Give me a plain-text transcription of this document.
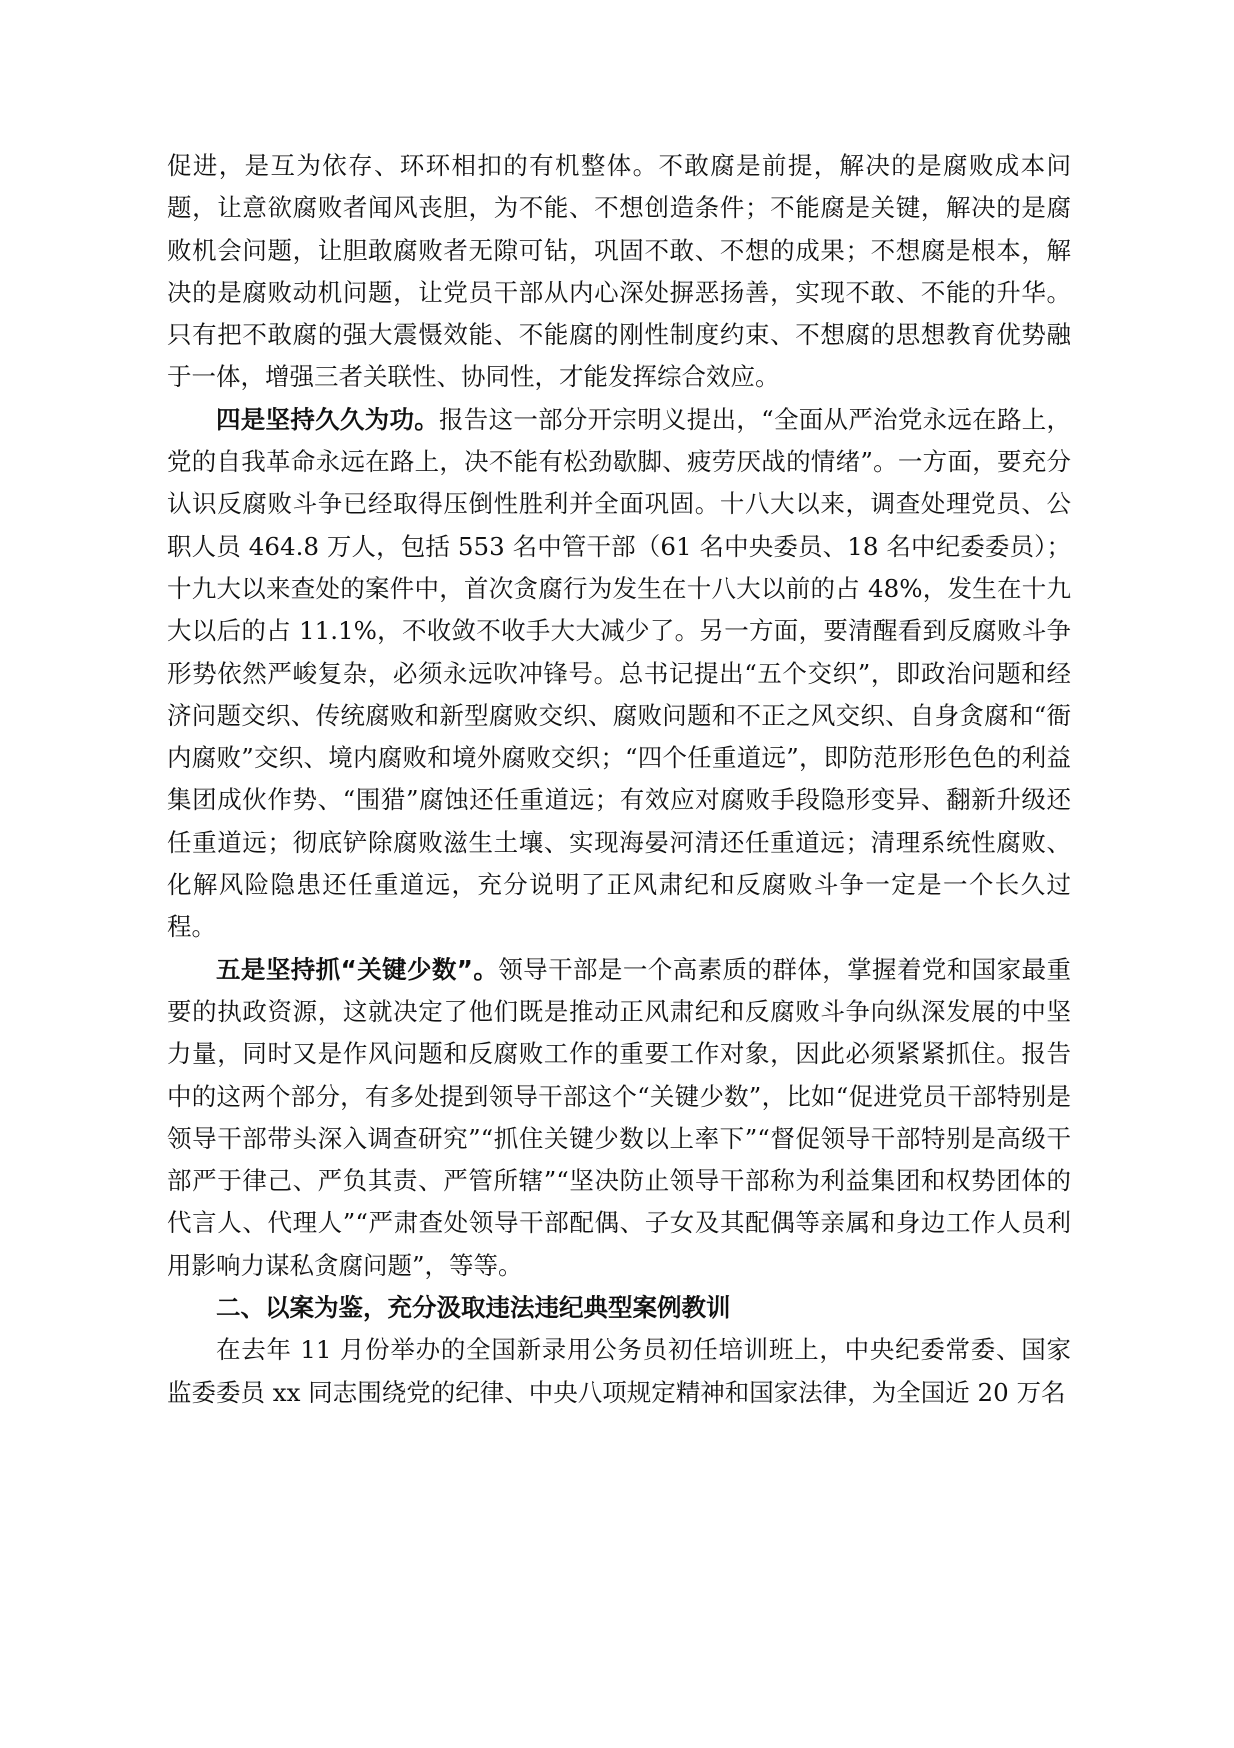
促进，是互为依存、环环相扣的有机整体。不敢腐是前提，解决的是腐败成本问题，让意欲腐败者闻风丧胆，为不能、不想创造条件；不能腐是关键，解决的是腐败机会问题，让胆敢腐败者无隙可钻，巩固不敢、不想的成果；不想腐是根本，解决的是腐败动机问题，让党员干部从内心深处摒恶扬善，实现不敢、不能的升华。只有把不敢腐的强大震慑效能、不能腐的刚性制度约束、不想腐的思想教育优势融于一体，增强三者关联性、协同性，才能发挥综合效应。

四是坚持久久为功。报告这一部分开宗明义提出，“全面从严治党永远在路上，党的自我革命永远在路上，决不能有松劲歇脚、疲劳厌战的情绪”。一方面，要充分认识反腐败斗争已经取得压倒性胜利并全面巩固。十八大以来，调查处理党员、公职人员 464.8 万人，包括 553 名中管干部（61 名中央委员、18 名中纪委委员）；十九大以来查处的案件中，首次贪腐行为发生在十八大以前的占 48%，发生在十九大以后的占 11.1%，不收敛不收手大大减少了。另一方面，要清醒看到反腐败斗争形势依然严峻复杂，必须永远吹冲锋号。总书记提出“五个交织”，即政治问题和经济问题交织、传统腐败和新型腐败交织、腐败问题和不正之风交织、自身贪腐和“衙内腐败”交织、境内腐败和境外腐败交织；“四个任重道远”，即防范形形色色的利益集团成伙作势、“围猎”腐蚀还任重道远；有效应对腐败手段隐形变异、翻新升级还任重道远；彻底铲除腐败滋生土壤、实现海晏河清还任重道远；清理系统性腐败、化解风险隐患还任重道远，充分说明了正风肃纪和反腐败斗争一定是一个长久过程。

五是坚持抓“关键少数”。领导干部是一个高素质的群体，掌握着党和国家最重要的执政资源，这就决定了他们既是推动正风肃纪和反腐败斗争向纵深发展的中坚力量，同时又是作风问题和反腐败工作的重要工作对象，因此必须紧紧抓住。报告中的这两个部分，有多处提到领导干部这个“关键少数”，比如“促进党员干部特别是领导干部带头深入调查研究”“抓住关键少数以上率下”“督促领导干部特别是高级干部严于律己、严负其责、严管所辖”“坚决防止领导干部称为利益集团和权势团体的代言人、代理人”“严肃查处领导干部配偶、子女及其配偶等亲属和身边工作人员利用影响力谋私贪腐问题”，等等。

二、以案为鉴，充分汲取违法违纪典型案例教训

在去年 11 月份举办的全国新录用公务员初任培训班上，中央纪委常委、国家监委委员 xx 同志围绕党的纪律、中央八项规定精神和国家法律，为全国近 20 万名
